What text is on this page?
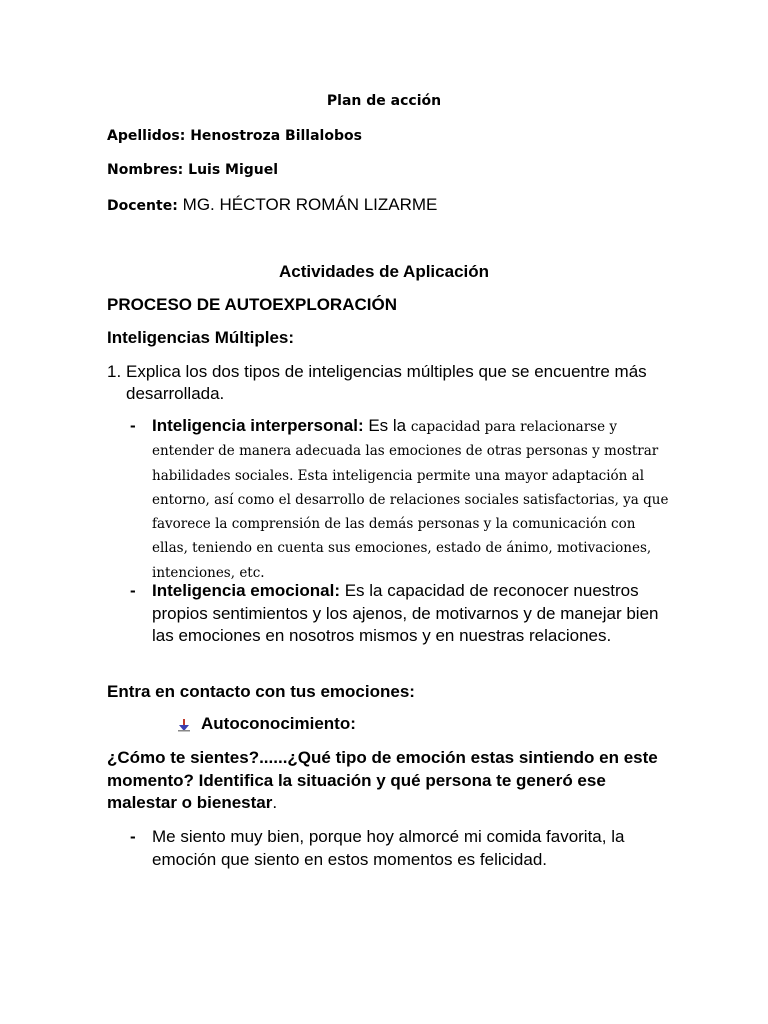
Plan de acción
Apellidos: Henostroza Billalobos
Nombres: Luis Miguel
Docente: MG. HÉCTOR ROMÁN LIZARME
Actividades de Aplicación
PROCESO DE AUTOEXPLORACIÓN
Inteligencias Múltiples:
1. Explica los dos tipos de inteligencias múltiples que se encuentre más desarrollada.
- Inteligencia interpersonal: Es la capacidad para relacionarse y entender de manera adecuada las emociones de otras personas y mostrar habilidades sociales. Esta inteligencia permite una mayor adaptación al entorno, así como el desarrollo de relaciones sociales satisfactorias, ya que favorece la comprensión de las demás personas y la comunicación con ellas, teniendo en cuenta sus emociones, estado de ánimo, motivaciones, intenciones, etc.
- Inteligencia emocional: Es la capacidad de reconocer nuestros propios sentimientos y los ajenos, de motivarnos y de manejar bien las emociones en nosotros mismos y en nuestras relaciones.
Entra en contacto con tus emociones:
Autoconocimiento:
¿Cómo te sientes?......¿Qué tipo de emoción estas sintiendo en este momento? Identifica la situación y qué persona te generó ese malestar o bienestar.
- Me siento muy bien, porque hoy almorcé mi comida favorita, la emoción que siento en estos momentos es felicidad.
